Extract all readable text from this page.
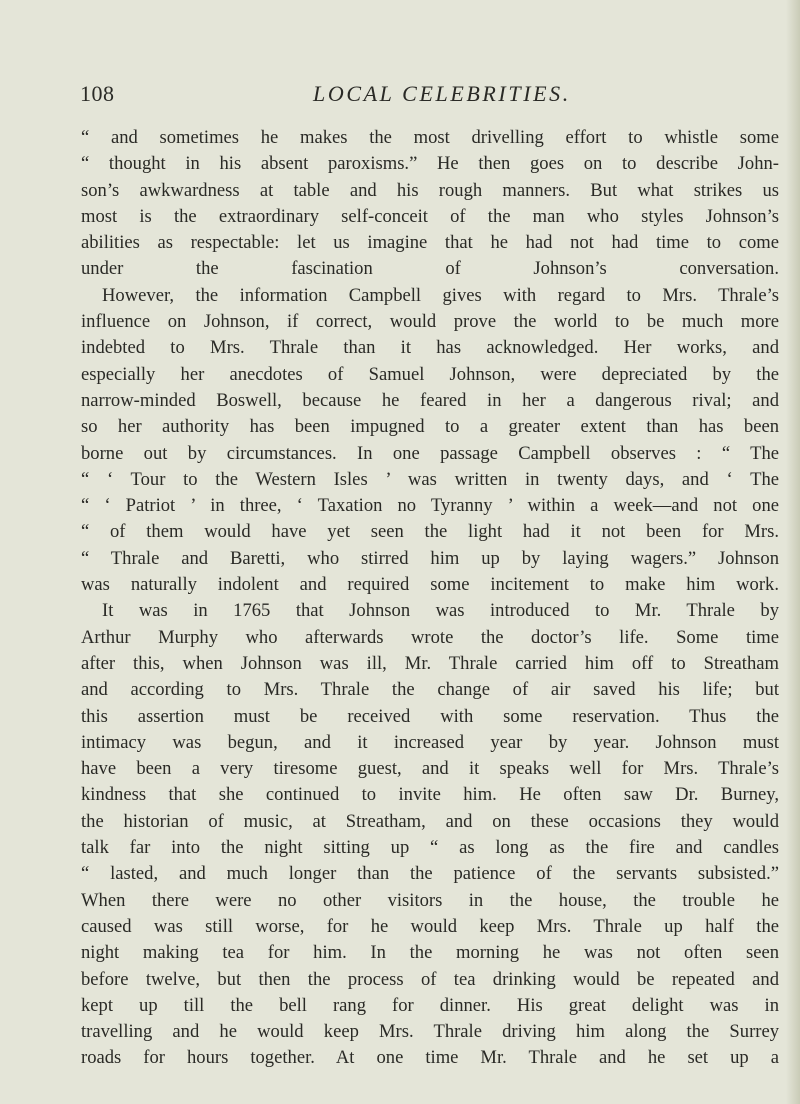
108	LOCAL CELEBRITIES.
“ and sometimes he makes the most drivelling effort to whistle some
“ thought in his absent paroxisms.” He then goes on to describe John-
son’s awkwardness at table and his rough manners. But what strikes us
most is the extraordinary self-conceit of the man who styles Johnson’s
abilities as respectable: let us imagine that he had not had time to come
under the fascination of Johnson’s conversation.
However, the information Campbell gives with regard to Mrs. Thrale’s
influence on Johnson, if correct, would prove the world to be much more
indebted to Mrs. Thrale than it has acknowledged. Her works, and
especially her anecdotes of Samuel Johnson, were depreciated by the
narrow-minded Boswell, because he feared in her a dangerous rival; and
so her authority has been impugned to a greater extent than has been
borne out by circumstances. In one passage Campbell observes : “ The
“ ‘ Tour to the Western Isles ’ was written in twenty days, and ‘ The
“ ‘ Patriot ’ in three, ‘ Taxation no Tyranny ’ within a week—and not one
“ of them would have yet seen the light had it not been for Mrs.
“ Thrale and Baretti, who stirred him up by laying wagers.” Johnson
was naturally indolent and required some incitement to make him work.
It was in 1765 that Johnson was introduced to Mr. Thrale by
Arthur Murphy who afterwards wrote the doctor’s life. Some time
after this, when Johnson was ill, Mr. Thrale carried him off to Streatham
and according to Mrs. Thrale the change of air saved his life; but
this assertion must be received with some reservation. Thus the
intimacy was begun, and it increased year by year. Johnson must
have been a very tiresome guest, and it speaks well for Mrs. Thrale’s
kindness that she continued to invite him. He often saw Dr. Burney,
the historian of music, at Streatham, and on these occasions they would
talk far into the night sitting up “ as long as the fire and candles
“ lasted, and much longer than the patience of the servants subsisted.”
When there were no other visitors in the house, the trouble he
caused was still worse, for he would keep Mrs. Thrale up half the
night making tea for him. In the morning he was not often seen
before twelve, but then the process of tea drinking would be repeated and
kept up till the bell rang for dinner. His great delight was in
travelling and he would keep Mrs. Thrale driving him along the Surrey
roads for hours together. At one time Mr. Thrale and he set up a
